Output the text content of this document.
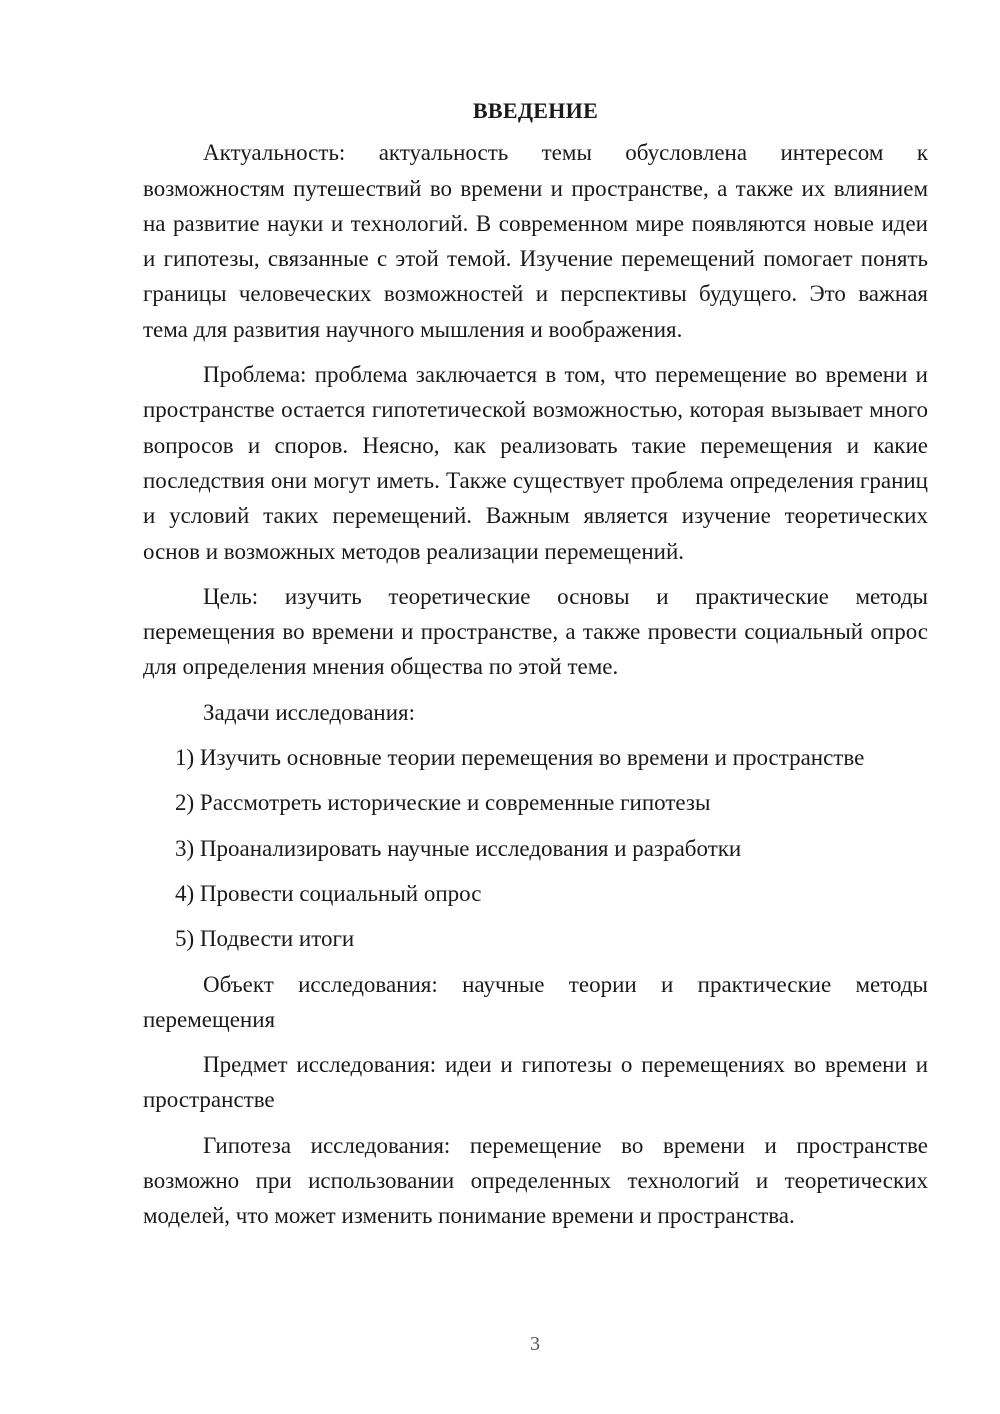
ВВЕДЕНИЕ

Актуальность: актуальность темы обусловлена интересом к возможностям путешествий во времени и пространстве, а также их влиянием на развитие науки и технологий. В современном мире появляются новые идеи и гипотезы, связанные с этой темой. Изучение перемещений помогает понять границы человеческих возможностей и перспективы будущего. Это важная тема для развития научного мышления и воображения.

Проблема: проблема заключается в том, что перемещение во времени и пространстве остается гипотетической возможностью, которая вызывает много вопросов и споров. Неясно, как реализовать такие перемещения и какие последствия они могут иметь. Также существует проблема определения границ и условий таких перемещений. Важным является изучение теоретических основ и возможных методов реализации перемещений.

Цель: изучить теоретические основы и практические методы перемещения во времени и пространстве, а также провести социальный опрос для определения мнения общества по этой теме.

Задачи исследования:
1) Изучить основные теории перемещения во времени и пространстве
2) Рассмотреть исторические и современные гипотезы
3) Проанализировать научные исследования и разработки
4) Провести социальный опрос
5) Подвести итоги

Объект исследования: научные теории и практические методы перемещения

Предмет исследования: идеи и гипотезы о перемещениях во времени и пространстве

Гипотеза исследования: перемещение во времени и пространстве возможно при использовании определенных технологий и теоретических моделей, что может изменить понимание времени и пространства.

3
